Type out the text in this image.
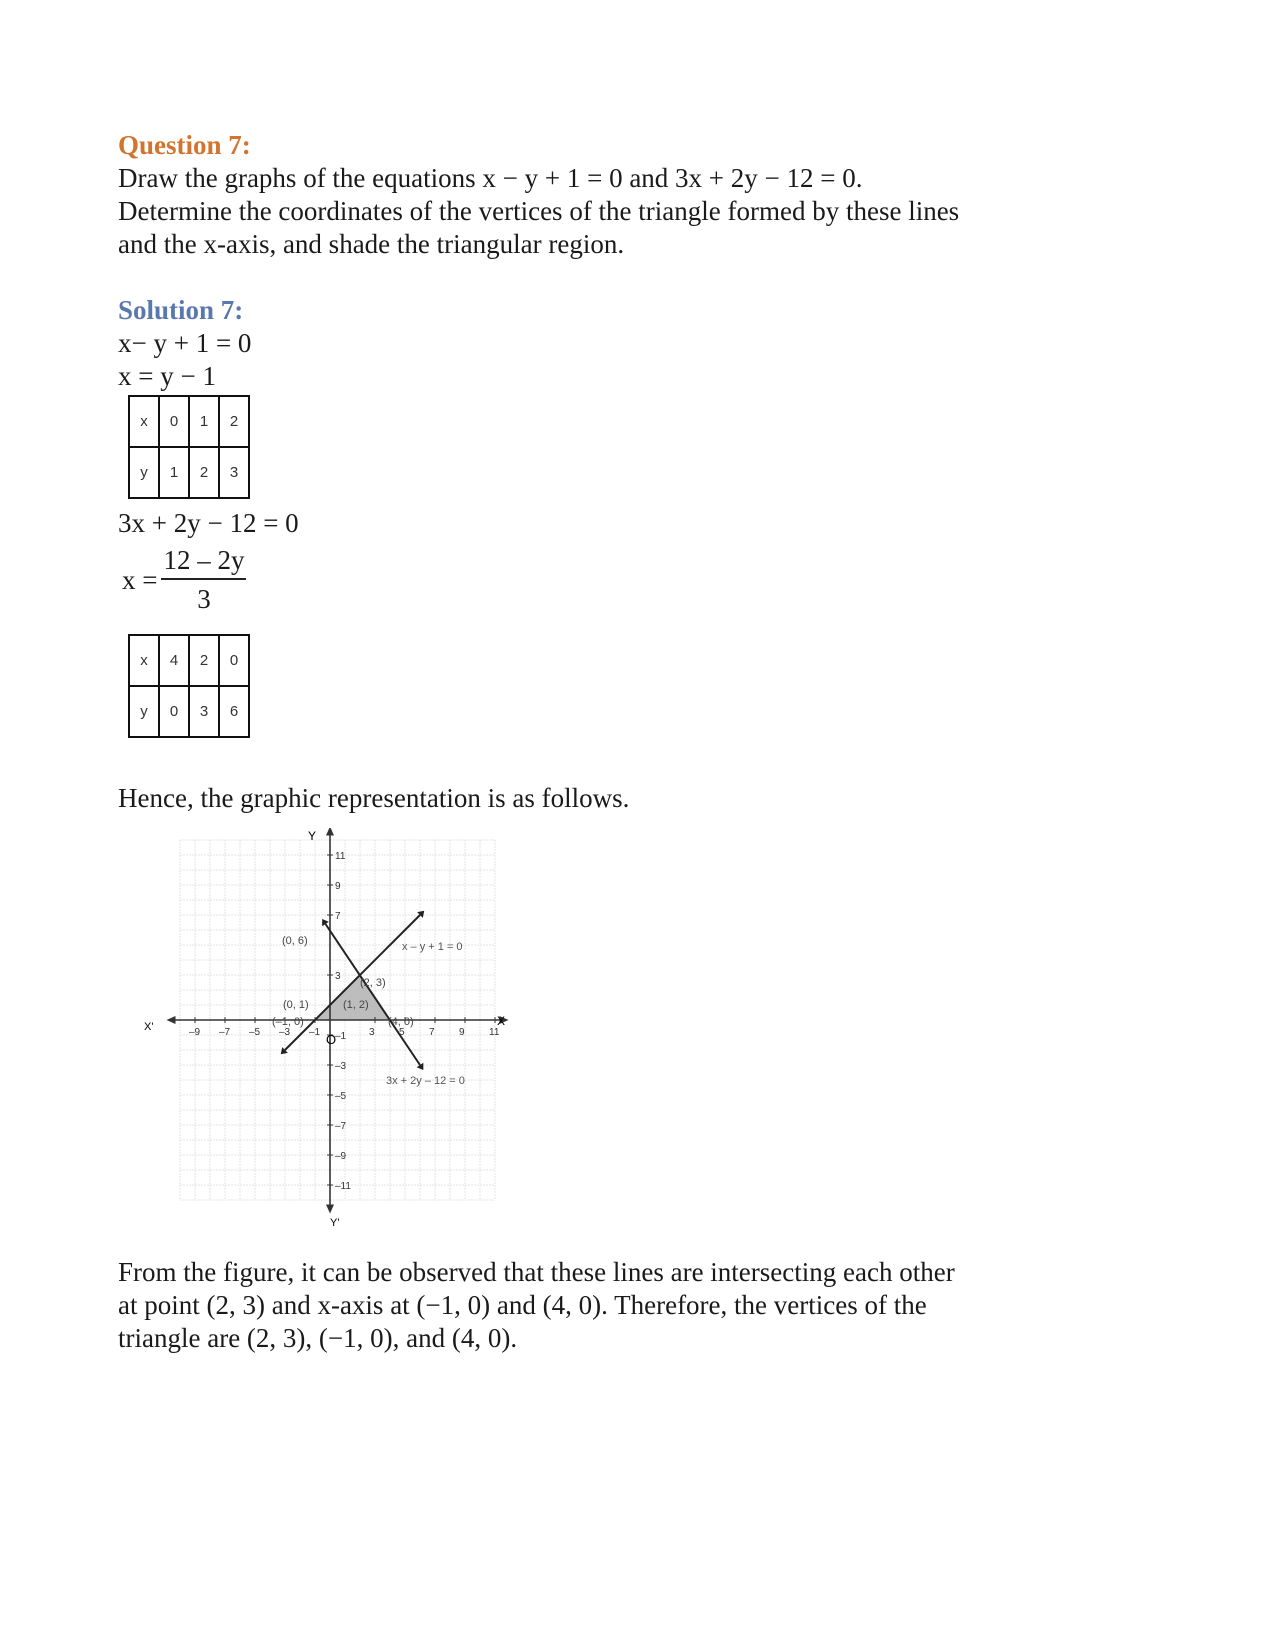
Question 7:

Draw the graphs of the equations x − y + 1 = 0 and 3x + 2y − 12 = 0.

Determine the coordinates of the vertices of the triangle formed by these lines

and the x-axis, and shade the triangular region.

Solution 7:

x− y + 1 = 0

x = y − 1

x	0	1	2
y	1	2	3

3x + 2y − 12 = 0

$x = \frac{12 - 2y}{3}$
x	4	2	0
y	0	3	6

Hence, the graphic representation is as follows.

–9 –7 –5 –3 –1	3 5 7 9 11
11
9
7
3
–1
–3
–5
–7
–9
–11
X
X'
Y
Y'
O
(0, 6)
(2, 3)
(0, 1)	(1, 2)
(–1, 0)	(4, 0)
x – y + 1 = 0
3x + 2y – 12 = 0

From the figure, it can be observed that these lines are intersecting each other

at point (2, 3) and x-axis at (−1, 0) and (4, 0). Therefore, the vertices of the

triangle are (2, 3), (−1, 0), and (4, 0).
